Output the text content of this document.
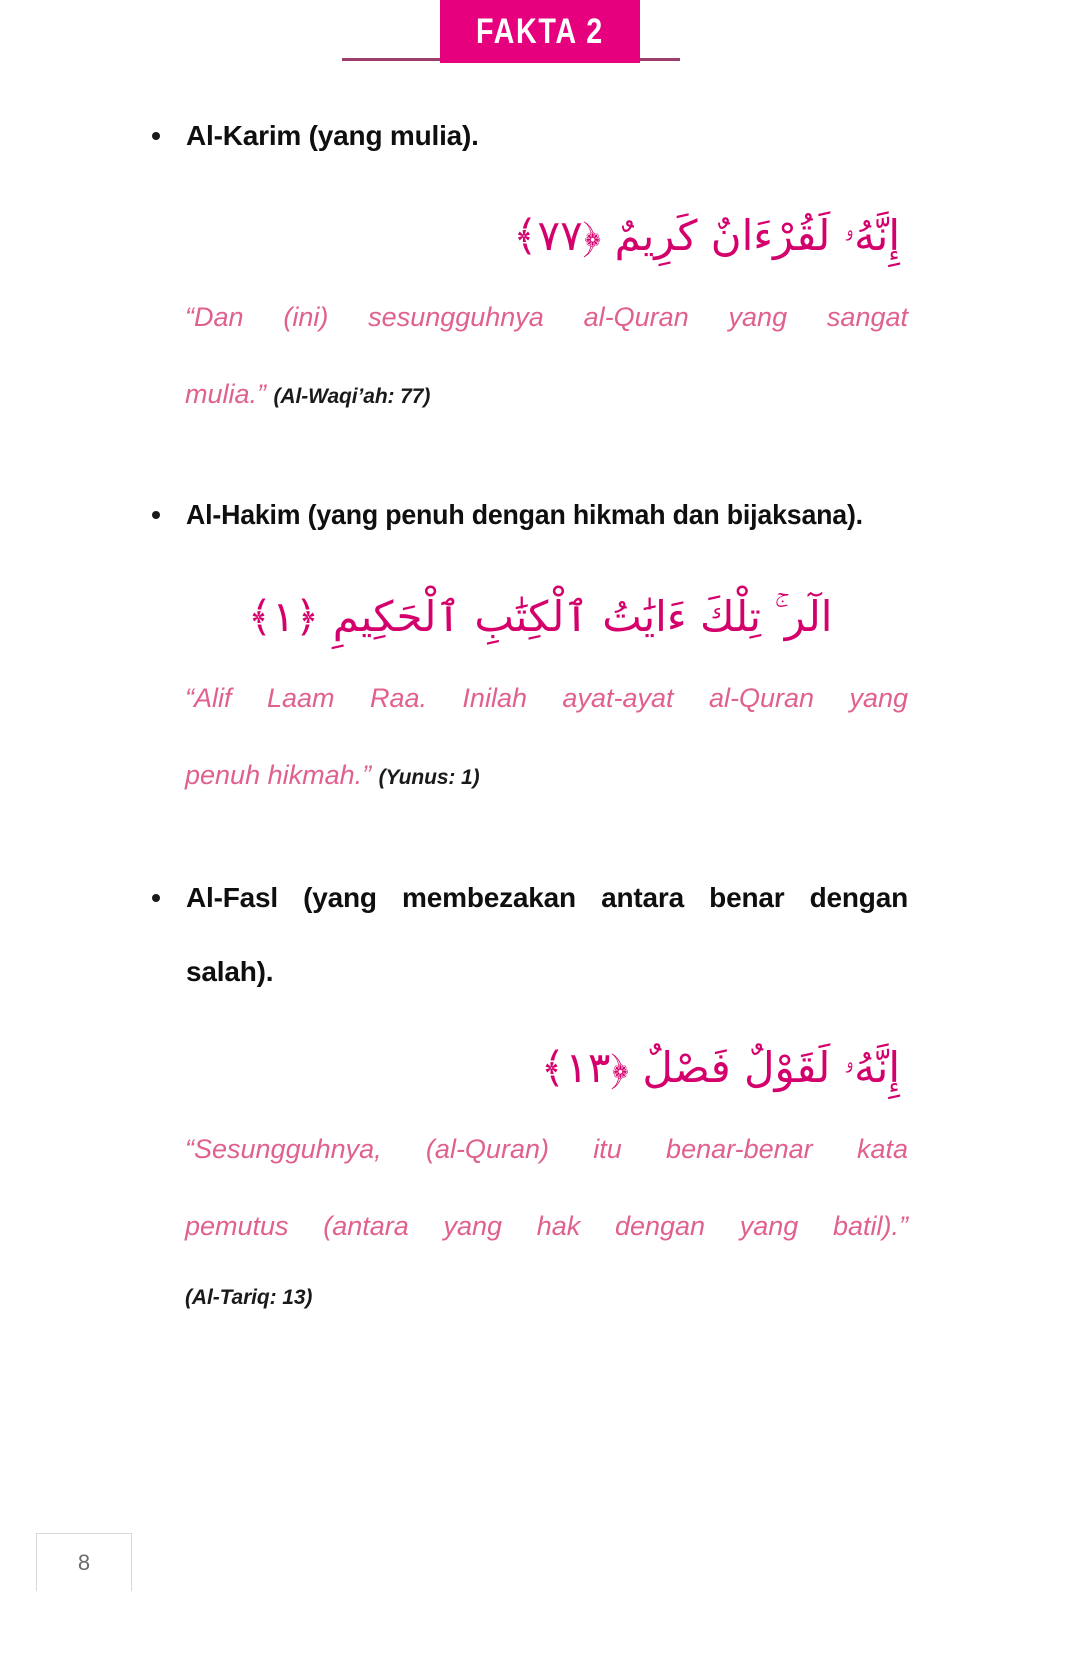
FAKTA 2
Al-Karim (yang mulia).
إِنَّهُۥ لَقُرْءَانٌ كَرِيمٌ ﴿٧٧﴾
“Dan (ini) sesungguhnya al-Quran yang sangat
mulia.” (Al-Waqi’ah: 77)
Al-Hakim (yang penuh dengan hikmah dan bijaksana).
الٓر ۚ تِلْكَ ءَايَٰتُ ٱلْكِتَٰبِ ٱلْحَكِيمِ ﴿١﴾
“Alif Laam Raa. Inilah ayat-ayat al-Quran yang
penuh hikmah.” (Yunus: 1)
Al-Fasl (yang membezakan antara benar dengan
salah).
إِنَّهُۥ لَقَوْلٌ فَصْلٌ ﴿١٣﴾
“Sesungguhnya, (al-Quran) itu benar-benar kata
pemutus (antara yang hak dengan yang batil).”
(Al-Tariq: 13)
8
